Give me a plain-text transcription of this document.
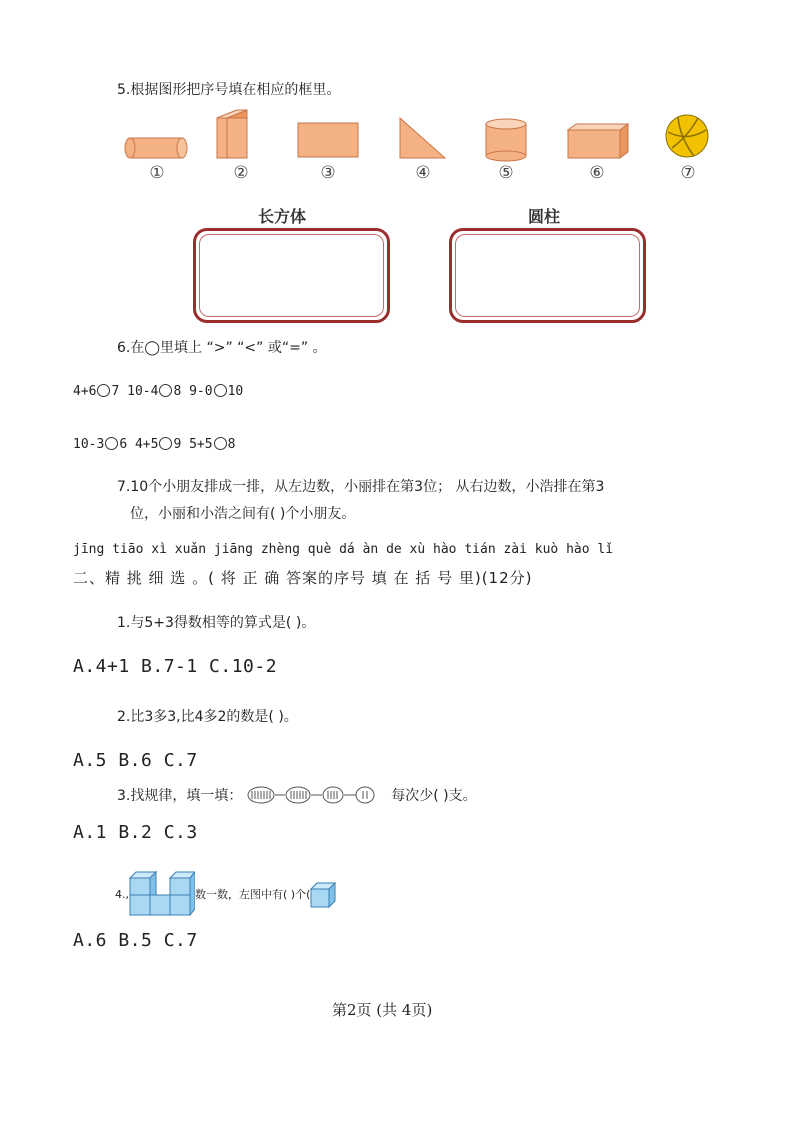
5.根据图形把序号填在相应的框里。
①	②	③	④	⑤	⑥	⑦
长方体	圆柱
6.在◯里填上 “>” “<” 或“=” 。
4+6 7 10-4 8 9-0 10
10-3 6 4+5 9 5+5 8
7.10个小朋友排成一排，从左边数，小丽排在第3位； 从右边数，小浩排在第3
位，小丽和小浩之间有( )个小朋友。
jīng tiāo xì xuǎn jiāng zhèng què dá àn de xù hào tián zài kuò hào lǐ
二、精 挑 细 选 。( 将 正 确 答案的序号 填 在 括 号 里)(12分)
1.与5+3得数相等的算式是( )。
A.4+1 B.7-1 C.10-2
2.比3多3,比4多2的数是( )。
A.5 B.6 C.7
3.找规律，填一填：	每次少( )支。
A.1 B.2 C.3
4.,	数一数，左图中有( )个(
A.6 B.5 C.7
第2页 (共 4页)
